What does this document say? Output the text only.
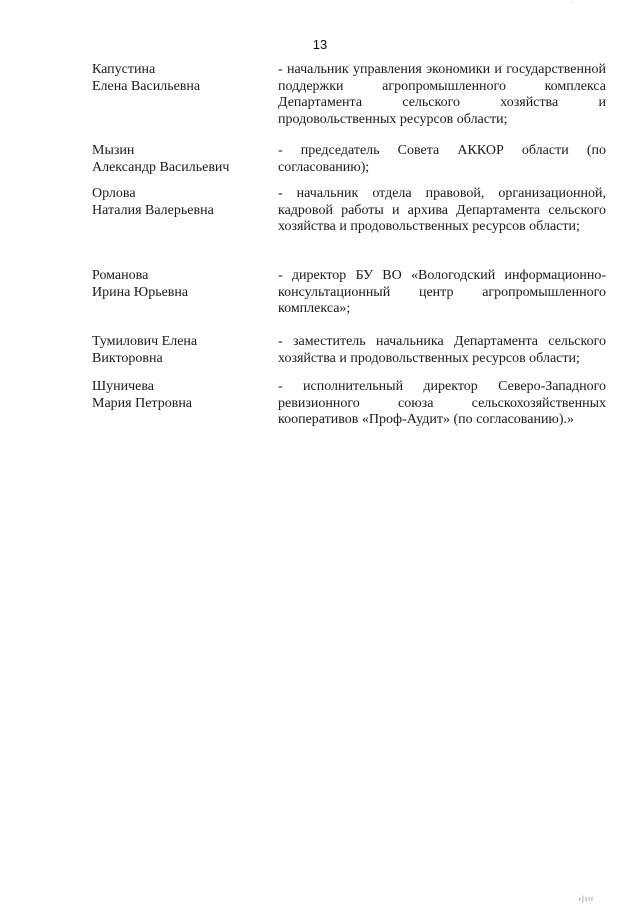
..
13
Капустина
Елена Васильевна
- начальник управления экономики и государственной поддержки агропромышленного комплекса Департамента сельского хозяйства и продовольственных ресурсов области;
Мызин
Александр Васильевич
- председатель Совета АККОР области (по согласованию);
Орлова
Наталия Валерьевна
- начальник отдела правовой, организационной, кадровой работы и архива Департамента сельского хозяйства и продовольственных ресурсов области;
Романова
Ирина Юрьевна
- директор БУ ВО «Вологодский информационно-консультационный центр агропромышленного комплекса»;
Тумилович Елена
Викторовна
- заместитель начальника Департамента сельского хозяйства и продовольственных ресурсов области;
Шуничева
Мария Петровна
- исполнительный директор Северо-Западного ревизионного союза сельскохозяйственных кооперативов «Проф-Аудит» (по согласованию).»
ı|ııı
